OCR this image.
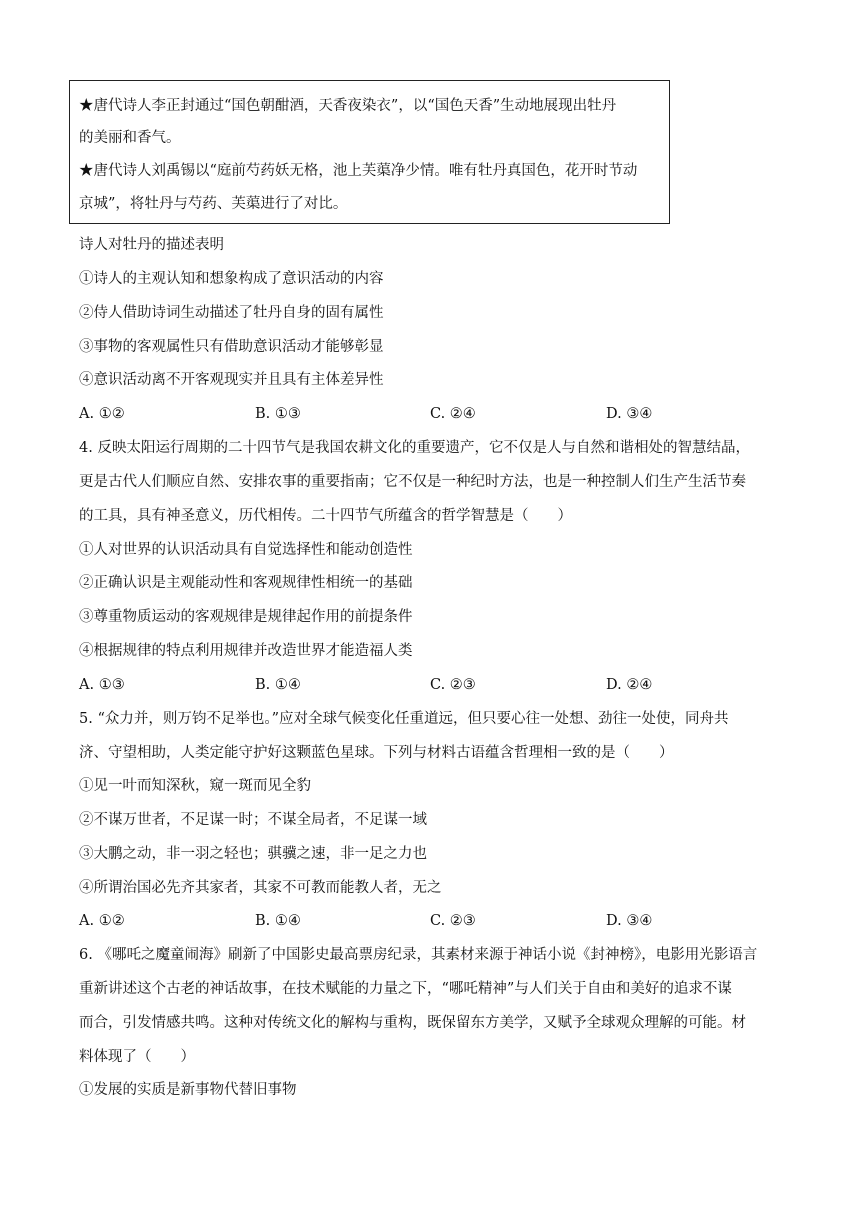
★唐代诗人李正封通过“国色朝酣酒，天香夜染衣”，以“国色天香”生动地展现出牡丹
的美丽和香气。
★唐代诗人刘禹锡以“庭前芍药妖无格，池上芙蕖净少情。唯有牡丹真国色，花开时节动
京城”，将牡丹与芍药、芙蕖进行了对比。
诗人对牡丹的描述表明
①诗人的主观认知和想象构成了意识活动的内容
②侍人借助诗词生动描述了牡丹自身的固有属性
③事物的客观属性只有借助意识活动才能够彰显
④意识活动离不开客观现实并且具有主体差异性
A. ①②	B. ①③	C. ②④	D. ③④
4. 反映太阳运行周期的二十四节气是我国农耕文化的重要遗产，它不仅是人与自然和谐相处的智慧结晶，
更是古代人们顺应自然、安排农事的重要指南；它不仅是一种纪时方法，也是一种控制人们生产生活节奏
的工具，具有神圣意义，历代相传。二十四节气所蕴含的哲学智慧是（　　）
①人对世界的认识活动具有自觉选择性和能动创造性
②正确认识是主观能动性和客观规律性相统一的基础
③尊重物质运动的客观规律是规律起作用的前提条件
④根据规律的特点利用规律并改造世界才能造福人类
A. ①③	B. ①④	C. ②③	D. ②④
5. “众力并，则万钧不足举也。”应对全球气候变化任重道远，但只要心往一处想、劲往一处使，同舟共
济、守望相助，人类定能守护好这颗蓝色星球。下列与材料古语蕴含哲理相一致的是（　　）
①见一叶而知深秋，窥一斑而见全豹
②不谋万世者，不足谋一时；不谋全局者，不足谋一域
③大鹏之动，非一羽之轻也；骐骥之速，非一足之力也
④所谓治国必先齐其家者，其家不可教而能教人者，无之
A. ①②	B. ①④	C. ②③	D. ③④
6. 《哪吒之魔童闹海》刷新了中国影史最高票房纪录，其素材来源于神话小说《封神榜》，电影用光影语言
重新讲述这个古老的神话故事，在技术赋能的力量之下，“哪吒精神”与人们关于自由和美好的追求不谋
而合，引发情感共鸣。这种对传统文化的解构与重构，既保留东方美学，又赋予全球观众理解的可能。材
料体现了（　　）
①发展的实质是新事物代替旧事物
